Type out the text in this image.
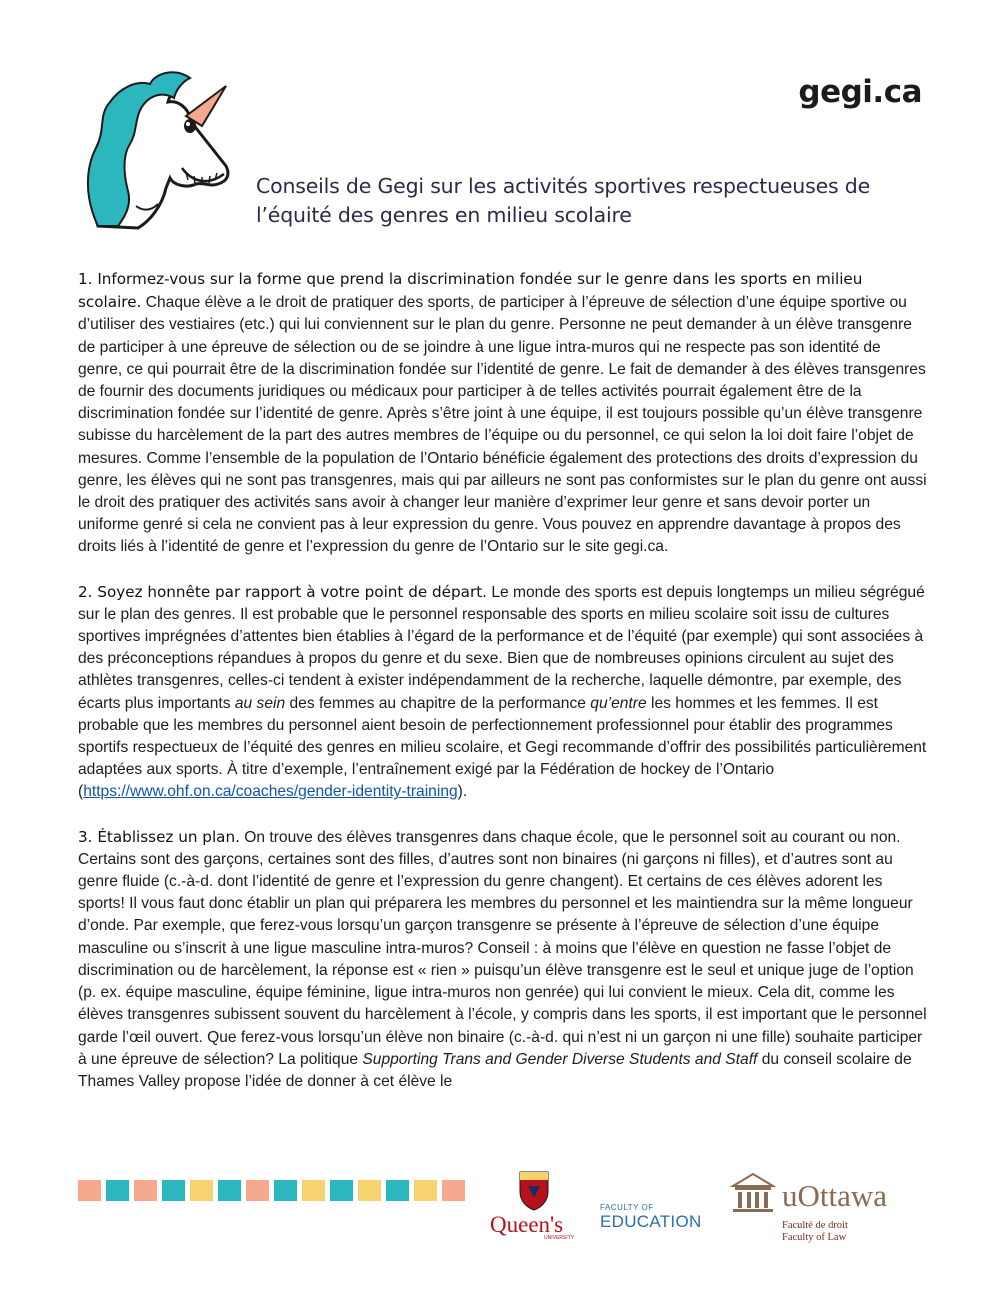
gegi.ca
Conseils de Gegi sur les activités sportives respectueuses de l’équité des genres en milieu scolaire

1. Informez-vous sur la forme que prend la discrimination fondée sur le genre dans les sports en milieu scolaire. Chaque élève a le droit de pratiquer des sports, de participer à l’épreuve de sélection d’une équipe sportive ou d’utiliser des vestiaires (etc.) qui lui conviennent sur le plan du genre. Personne ne peut demander à un élève transgenre de participer à une épreuve de sélection ou de se joindre à une ligue intra-muros qui ne respecte pas son identité de genre, ce qui pourrait être de la discrimination fondée sur l’identité de genre. Le fait de demander à des élèves transgenres de fournir des documents juridiques ou médicaux pour participer à de telles activités pourrait également être de la discrimination fondée sur l’identité de genre. Après s’être joint à une équipe, il est toujours possible qu’un élève transgenre subisse du harcèlement de la part des autres membres de l’équipe ou du personnel, ce qui selon la loi doit faire l’objet de mesures. Comme l’ensemble de la population de l’Ontario bénéficie également des protections des droits d’expression du genre, les élèves qui ne sont pas transgenres, mais qui par ailleurs ne sont pas conformistes sur le plan du genre ont aussi le droit des pratiquer des activités sans avoir à changer leur manière d’exprimer leur genre et sans devoir porter un uniforme genré si cela ne convient pas à leur expression du genre. Vous pouvez en apprendre davantage à propos des droits liés à l’identité de genre et l’expression du genre de l’Ontario sur le site gegi.ca.

2. Soyez honnête par rapport à votre point de départ. Le monde des sports est depuis longtemps un milieu ségrégué sur le plan des genres. Il est probable que le personnel responsable des sports en milieu scolaire soit issu de cultures sportives imprégnées d’attentes bien établies à l’égard de la performance et de l’équité (par exemple) qui sont associées à des préconceptions répandues à propos du genre et du sexe. Bien que de nombreuses opinions circulent au sujet des athlètes transgenres, celles-ci tendent à exister indépendamment de la recherche, laquelle démontre, par exemple, des écarts plus importants au sein des femmes au chapitre de la performance qu’entre les hommes et les femmes. Il est probable que les membres du personnel aient besoin de perfectionnement professionnel pour établir des programmes sportifs respectueux de l’équité des genres en milieu scolaire, et Gegi recommande d’offrir des possibilités particulièrement adaptées aux sports. À titre d’exemple, l’entraînement exigé par la Fédération de hockey de l’Ontario (https://www.ohf.on.ca/coaches/gender-identity-training).

3. Établissez un plan. On trouve des élèves transgenres dans chaque école, que le personnel soit au courant ou non. Certains sont des garçons, certaines sont des filles, d’autres sont non binaires (ni garçons ni filles), et d’autres sont au genre fluide (c.-à-d. dont l’identité de genre et l’expression du genre changent). Et certains de ces élèves adorent les sports! Il vous faut donc établir un plan qui préparera les membres du personnel et les maintiendra sur la même longueur d’onde. Par exemple, que ferez-vous lorsqu’un garçon transgenre se présente à l’épreuve de sélection d’une équipe masculine ou s’inscrit à une ligue masculine intra-muros? Conseil : à moins que l’élève en question ne fasse l’objet de discrimination ou de harcèlement, la réponse est « rien » puisqu’un élève transgenre est le seul et unique juge de l’option (p. ex. équipe masculine, équipe féminine, ligue intra-muros non genrée) qui lui convient le mieux. Cela dit, comme les élèves transgenres subissent souvent du harcèlement à l’école, y compris dans les sports, il est important que le personnel garde l’œil ouvert. Que ferez-vous lorsqu’un élève non binaire (c.-à-d. qui n’est ni un garçon ni une fille) souhaite participer à une épreuve de sélection? La politique Supporting Trans and Gender Diverse Students and Staff du conseil scolaire de Thames Valley propose l’idée de donner à cet élève le

Queen's
UNIVERSITY
FACULTY OF
EDUCATION
uOttawa
Faculté de droit
Faculty of Law
